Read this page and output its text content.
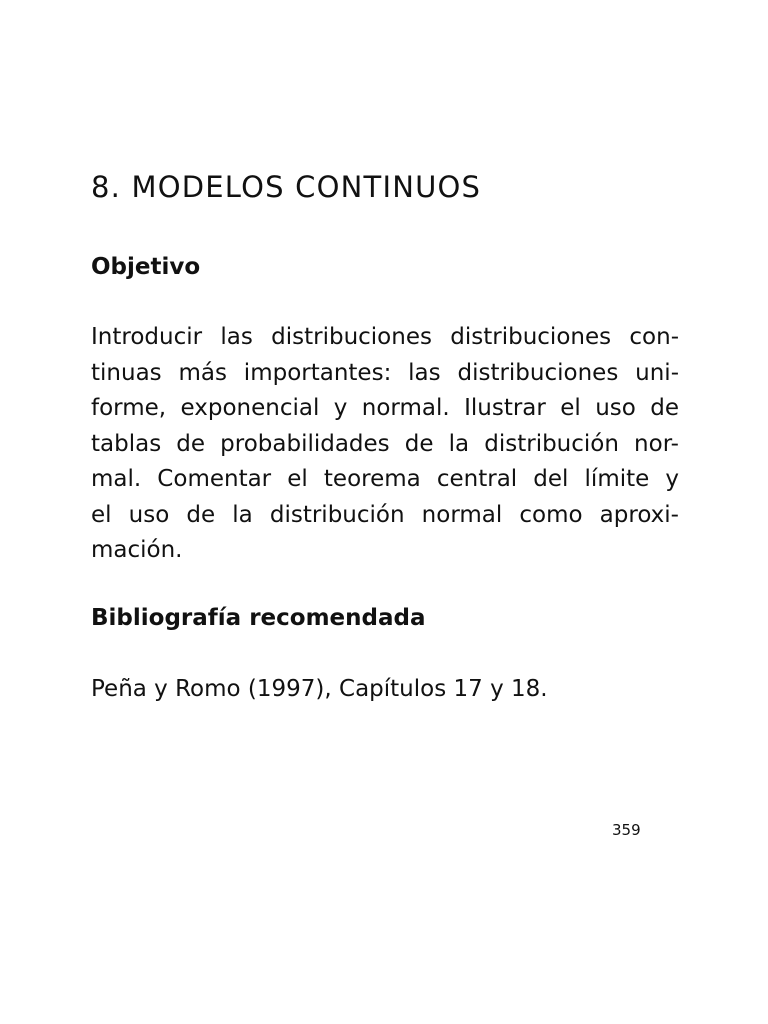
8. MODELOS CONTINUOS
Objetivo
Introducir las distribuciones distribuciones con-
tinuas más importantes: las distribuciones uni-
forme, exponencial y normal. Ilustrar el uso de
tablas de probabilidades de la distribución nor-
mal. Comentar el teorema central del límite y
el uso de la distribución normal como aproxi-
mación.
Bibliografía recomendada

Peña y Romo (1997), Capítulos 17 y 18.

359
